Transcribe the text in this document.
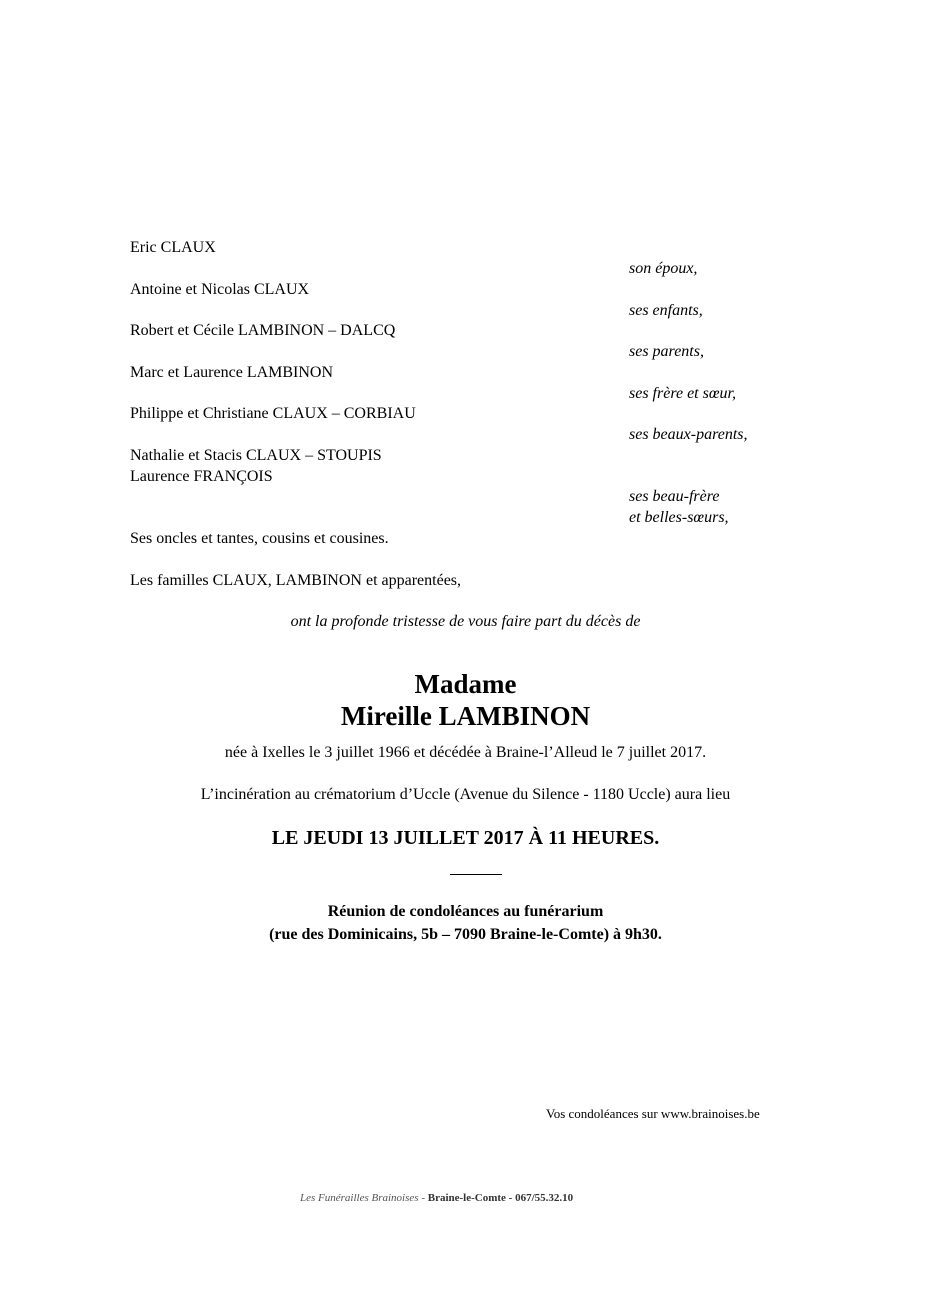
Eric CLAUX
son époux,
Antoine et Nicolas CLAUX
ses enfants,
Robert et Cécile LAMBINON – DALCQ
ses parents,
Marc et Laurence LAMBINON
ses frère et sœur,
Philippe et Christiane CLAUX – CORBIAU
ses beaux-parents,
Nathalie et Stacis CLAUX – STOUPIS
Laurence FRANÇOIS
ses beau-frère
et belles-sœurs,
Ses oncles et tantes, cousins et cousines.
Les familles CLAUX, LAMBINON et apparentées,
ont la profonde tristesse de vous faire part du décès de
Madame
Mireille LAMBINON
née à Ixelles le 3 juillet 1966 et décédée à Braine-l’Alleud le 7 juillet 2017.
L’incinération au crématorium d’Uccle (Avenue du Silence - 1180 Uccle) aura lieu
LE JEUDI 13 JUILLET 2017 À 11 HEURES.
Réunion de condoléances au funérarium
(rue des Dominicains, 5b – 7090 Braine-le-Comte) à 9h30.
Vos condoléances sur www.brainoises.be
Les Funérailles Brainoises - Braine-le-Comte - 067/55.32.10
